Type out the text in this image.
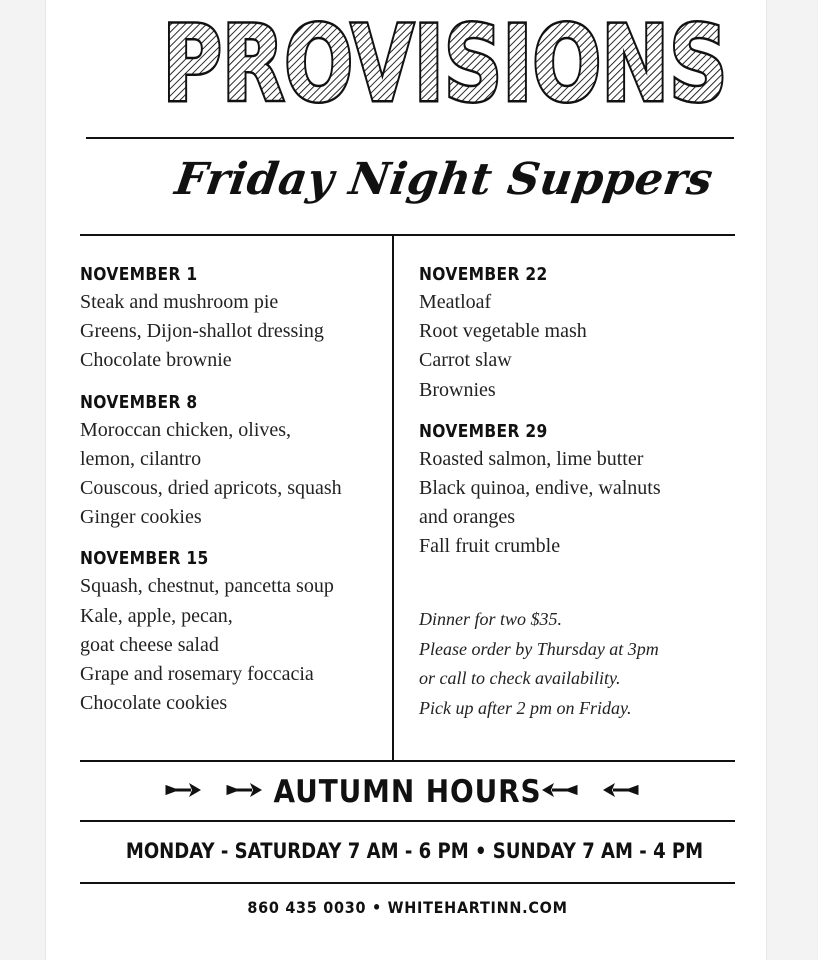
PROVISIONS
Friday Night Suppers
NOVEMBER 1
Steak and mushroom pie
Greens, Dijon-shallot dressing
Chocolate brownie
NOVEMBER 8
Moroccan chicken, olives,
lemon, cilantro
Couscous, dried apricots, squash
Ginger cookies
NOVEMBER 15
Squash, chestnut, pancetta soup
Kale, apple, pecan,
goat cheese salad
Grape and rosemary foccacia
Chocolate cookies
NOVEMBER 22
Meatloaf
Root vegetable mash
Carrot slaw
Brownies
NOVEMBER 29
Roasted salmon, lime butter
Black quinoa, endive, walnuts
and oranges
Fall fruit crumble
Dinner for two $35.
Please order by Thursday at 3pm
or call to check availability.
Pick up after 2 pm on Friday.
AUTUMN HOURS
MONDAY - SATURDAY 7 AM - 6 PM • SUNDAY 7 AM - 4 PM
860 435 0030 • WHITEHARTINN.COM
